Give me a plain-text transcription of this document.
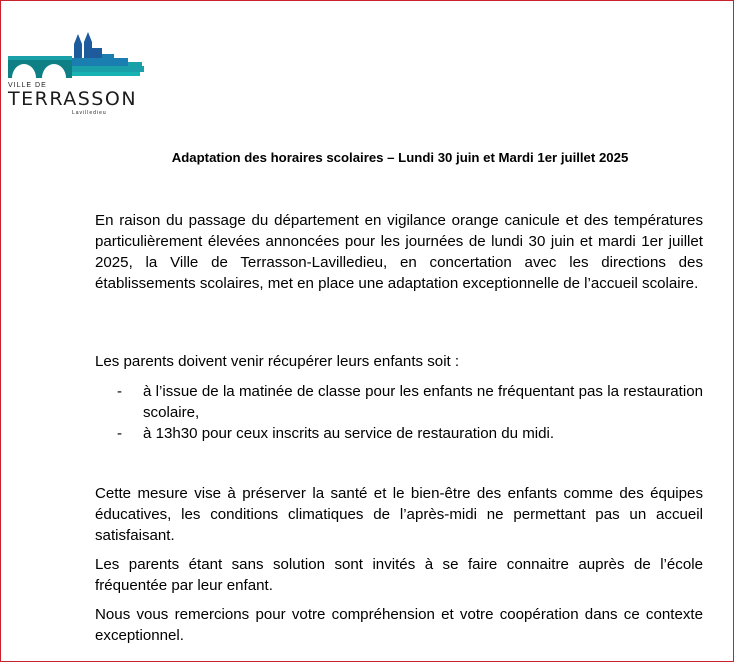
VILLE DE
TERRASSON
Lavilledieu
Adaptation des horaires scolaires – Lundi 30 juin et Mardi 1er juillet 2025
En raison du passage du département en vigilance orange canicule et des températures particulièrement élevées annoncées pour les journées de lundi 30 juin et mardi 1er juillet 2025, la Ville de Terrasson-Lavilledieu, en concertation avec les directions des établissements scolaires, met en place une adaptation exceptionnelle de l’accueil scolaire.
Les parents doivent venir récupérer leurs enfants soit :
- à l’issue de la matinée de classe pour les enfants ne fréquentant pas la restauration scolaire,
- à 13h30 pour ceux inscrits au service de restauration du midi.
Cette mesure vise à préserver la santé et le bien-être des enfants comme des équipes éducatives, les conditions climatiques de l’après-midi ne permettant pas un accueil satisfaisant.
Les parents étant sans solution sont invités à se faire connaitre auprès de l’école fréquentée par leur enfant.
Nous vous remercions pour votre compréhension et votre coopération dans ce contexte exceptionnel.
